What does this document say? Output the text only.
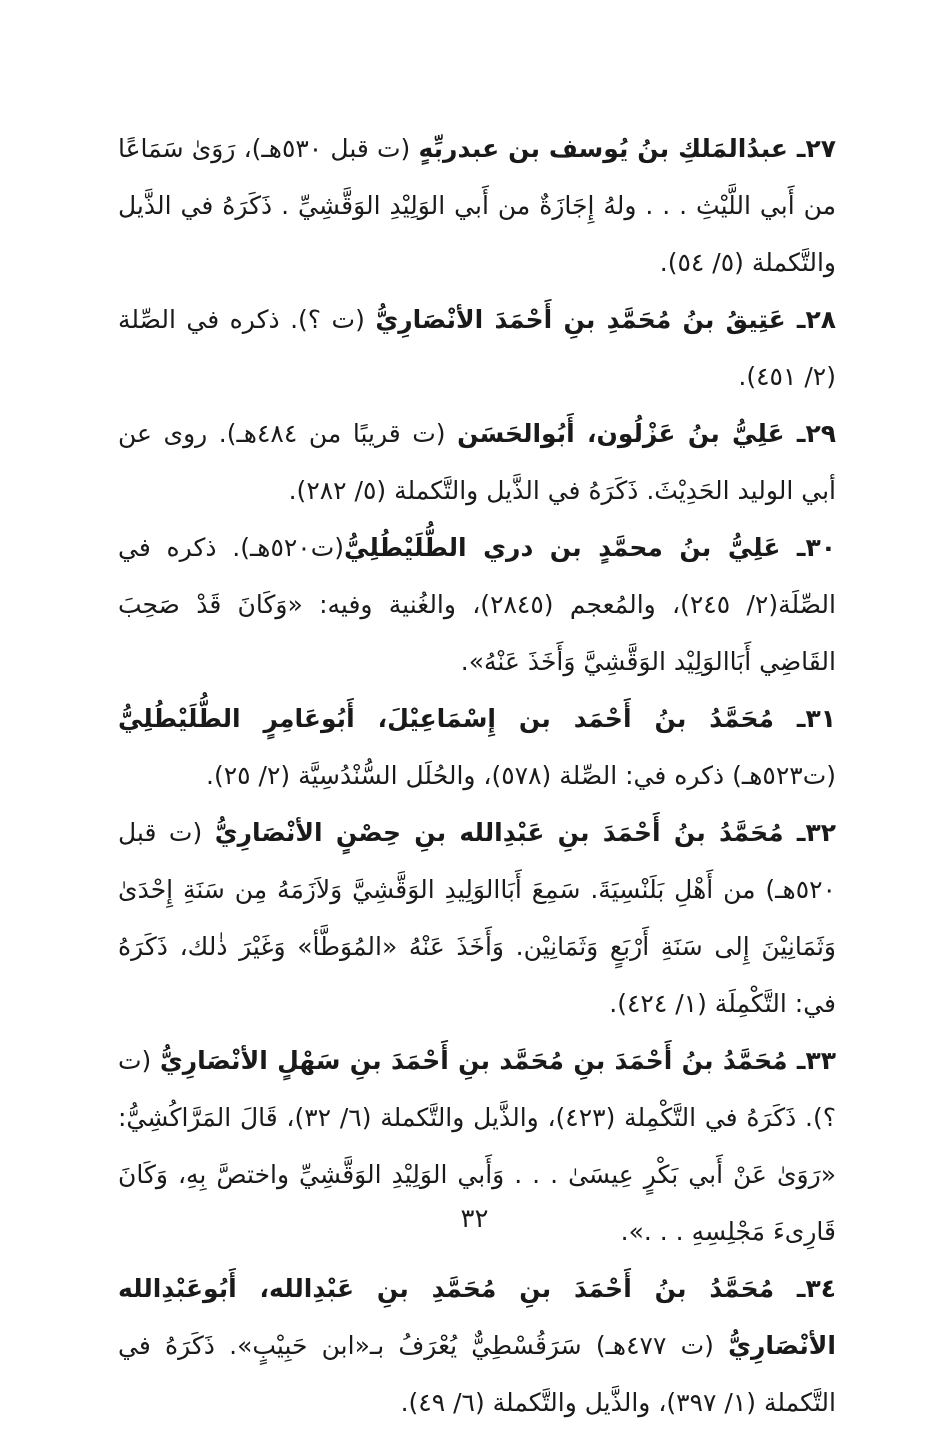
٢٧ـ عبدُالمَلكِ بنُ يُوسف بن عبدربِّهٍ (ت قبل ٥٣٠هـ)، رَوَىٰ سَمَاعًا من أَبي اللَّيْثِ . . . ولهُ إِجَازَةٌ من أَبي الوَلِيْدِ الوَقَّشِيِّ . ذَكَرَهُ في الذَّيل والتَّكملة (٥/ ٥٤).

٢٨ـ عَتِيقُ بنُ مُحَمَّدِ بنِ أَحْمَدَ الأنْصَارِيُّ (ت ؟). ذكره في الصِّلة (٢/ ٤٥١).

٢٩ـ عَلِيُّ بنُ عَزْلُون، أَبُوالحَسَن (ت قريبًا من ٤٨٤هـ). روى عن أبي الوليد الحَدِيْثَ. ذَكَرَهُ في الذَّيل والتَّكملة (٥/ ٢٨٢).

٣٠ـ عَلِيُّ بنُ محمَّدٍ بن دري الطُّلَيْطُلِيُّ(ت٥٢٠هـ). ذكره في الصِّلَة(٢/ ٢٤٥)، والمُعجم (٢٨٤٥)، والغُنية وفيه: «وَكَانَ قَدْ صَحِبَ القَاضِي أَبَاالوَلِيْد الوَقَّشِيَّ وَأَخَذَ عَنْهُ».

٣١ـ مُحَمَّدُ بنُ أَحْمَد بن إِسْمَاعِيْلَ، أَبُوعَامِرٍ الطُّلَيْطُلِيُّ (ت٥٢٣هـ) ذكره في: الصِّلة (٥٧٨)، والحُلَل السُّنْدُسِيَّة (٢/ ٢٥).

٣٢ـ مُحَمَّدُ بنُ أَحْمَدَ بنِ عَبْدِالله بنِ حِصْنٍ الأنْصَارِيُّ (ت قبل ٥٢٠هـ) من أَهْلِ بَلَنْسِيَةَ. سَمِعَ أَبَاالوَلِيدِ الوَقَّشِيَّ وَلاَزَمَهُ مِن سَنَةِ إِحْدَىٰ وَثَمَانِيْنَ إِلى سَنَةِ أَرْبَعٍ وَثَمَانِيْن. وَأَخَذَ عَنْهُ «المُوَطَّأ» وَغَيْرَ ذٰلك، ذَكَرَهُ في: التَّكْمِلَة (١/ ٤٢٤).

٣٣ـ مُحَمَّدُ بنُ أَحْمَدَ بنِ مُحَمَّد بنِ أَحْمَدَ بنِ سَهْلٍ الأنْصَارِيُّ (ت ؟). ذَكَرَهُ في التَّكْمِلة (٤٢٣)، والذَّيل والتَّكملة (٦/ ٣٢)، قَالَ المَرَّاكُشِيُّ: «رَوَىٰ عَنْ أَبي بَكْرٍ عِيسَىٰ . . . وَأَبي الوَلِيْدِ الوَقَّشِيِّ واختصَّ بِهِ، وَكَانَ قَارِىءَ مَجْلِسِهِ . . .».

٣٤ـ مُحَمَّدُ بنُ أَحْمَدَ بنِ مُحَمَّدِ بنِ عَبْدِالله، أَبُوعَبْدِالله الأنْصَارِيُّ (ت ٤٧٧هـ) سَرَقُسْطِيٌّ يُعْرَفُ بـ«ابن حَبِيْبٍ». ذَكَرَهُ في التَّكملة (١/ ٣٩٧)، والذَّيل والتَّكملة (٦/ ٤٩).

٣٢
